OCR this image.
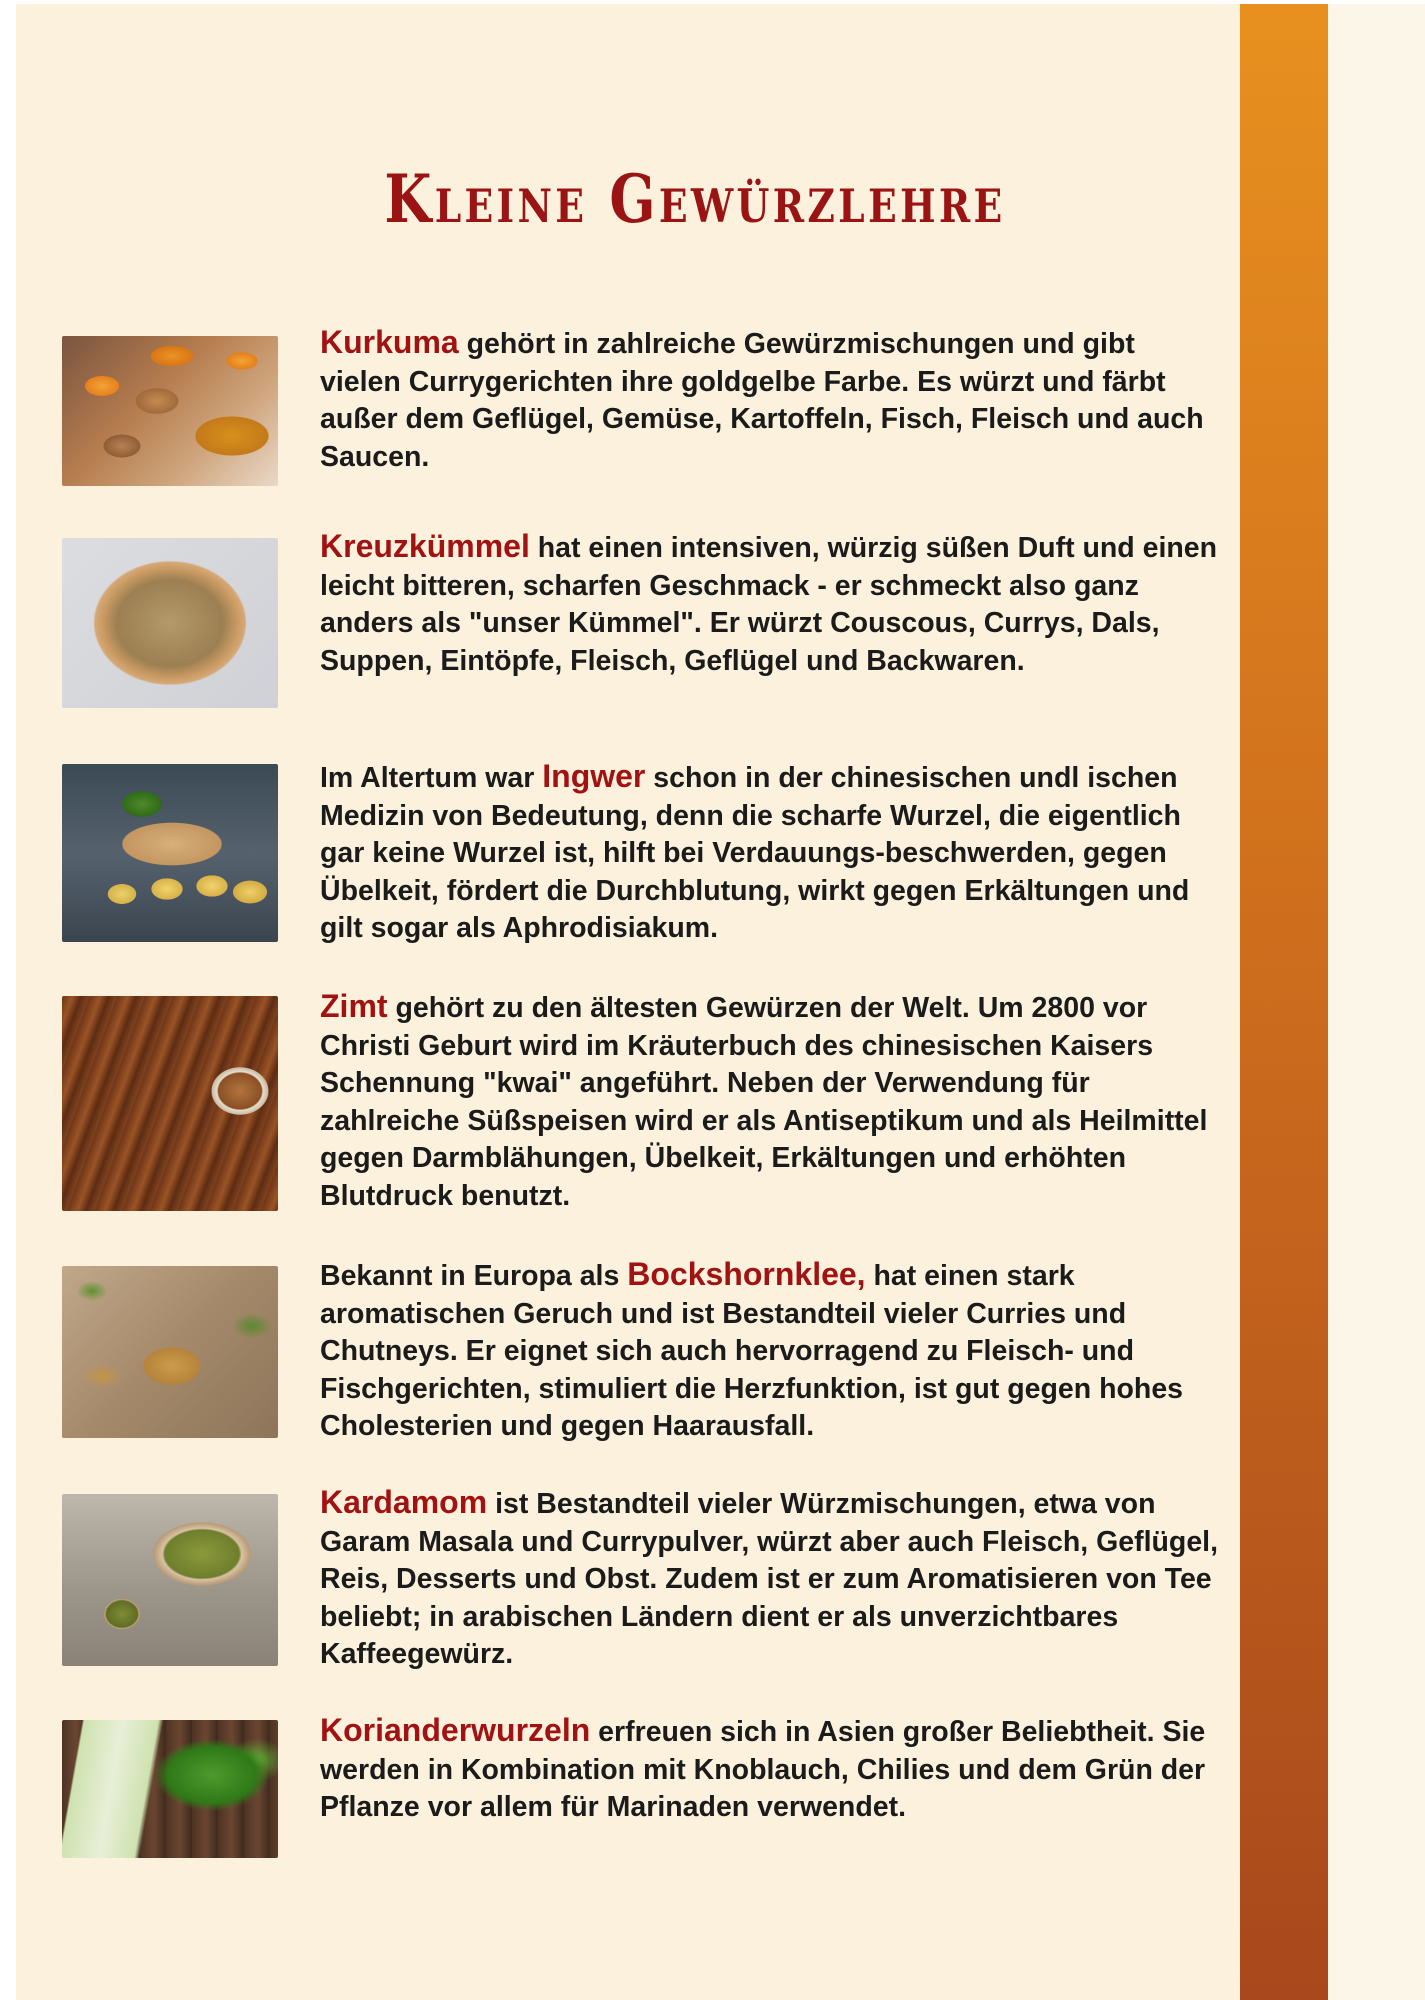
Kleine Gewürzlehre
Kurkuma gehört in zahlreiche Gewürzmischungen und gibt vielen Currygerichten ihre goldgelbe Farbe. Es würzt und färbt außer dem Geflügel, Gemüse, Kartoffeln, Fisch, Fleisch und auch Saucen.
Kreuzkümmel hat einen intensiven, würzig süßen Duft und einen leicht bitteren, scharfen Geschmack - er schmeckt also ganz anders als "unser Kümmel". Er würzt Couscous, Currys, Dals, Suppen, Eintöpfe, Fleisch, Geflügel und Backwaren.
Im Altertum war Ingwer schon in der chinesischen undl ischen Medizin von Bedeutung, denn die scharfe Wurzel, die eigentlich gar keine Wurzel ist, hilft bei Verdauungs-beschwerden, gegen Übelkeit, fördert die Durchblutung, wirkt gegen Erkältungen und gilt sogar als Aphrodisiakum.
Zimt gehört zu den ältesten Gewürzen der Welt. Um 2800 vor Christi Geburt wird im Kräuterbuch des chinesischen Kaisers Schennung "kwai" angeführt. Neben der Verwendung für zahlreiche Süßspeisen wird er als Antiseptikum und als Heilmittel gegen Darmblähungen, Übelkeit, Erkältungen und erhöhten Blutdruck benutzt.
Bekannt in Europa als Bockshornklee, hat einen stark aromatischen Geruch und ist Bestandteil vieler Curries und Chutneys. Er eignet sich auch hervorragend zu Fleisch- und Fischgerichten, stimuliert die Herzfunktion, ist gut gegen hohes Cholesterien und gegen Haarausfall.
Kardamom ist Bestandteil vieler Würzmischungen, etwa von Garam Masala und Currypulver, würzt aber auch Fleisch, Geflügel, Reis, Desserts und Obst. Zudem ist er zum Aromatisieren von Tee beliebt; in arabischen Ländern dient er als unverzichtbares Kaffeegewürz.
Korianderwurzeln erfreuen sich in Asien großer Beliebtheit. Sie werden in Kombination mit Knoblauch, Chilies und dem Grün der Pflanze vor allem für Marinaden verwendet.
